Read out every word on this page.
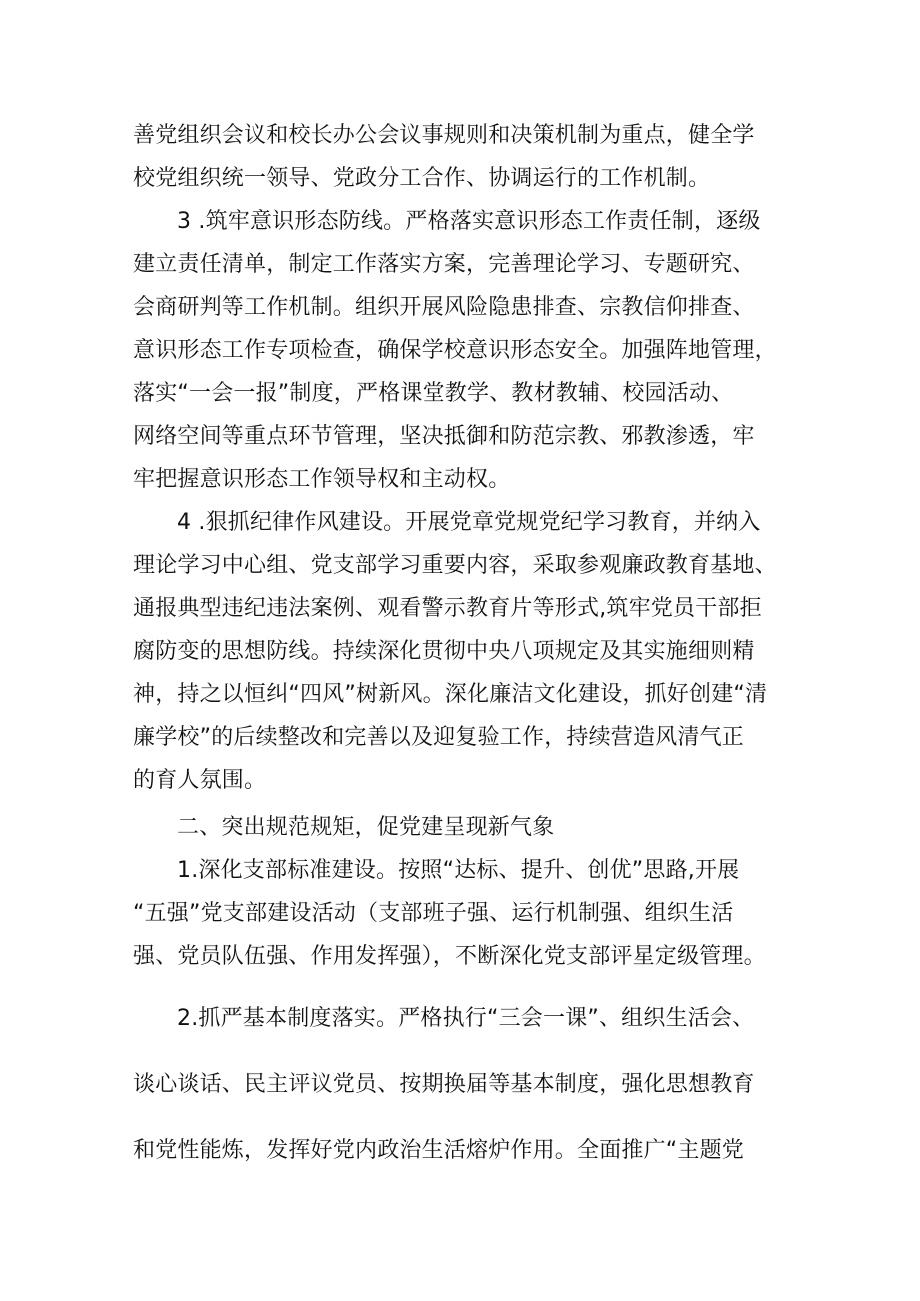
善党组织会议和校长办公会议事规则和决策机制为重点，健全学
校党组织统一领导、党政分工合作、协调运行的工作机制。
3 .筑牢意识形态防线。严格落实意识形态工作责任制，逐级
建立责任清单，制定工作落实方案，完善理论学习、专题研究、
会商研判等工作机制。组织开展风险隐患排查、宗教信仰排查、
意识形态工作专项检查，确保学校意识形态安全。加强阵地管理，
落实“一会一报”制度，严格课堂教学、教材教辅、校园活动、
网络空间等重点环节管理，坚决抵御和防范宗教、邪教渗透，牢
牢把握意识形态工作领导权和主动权。
4 .狠抓纪律作风建设。开展党章党规党纪学习教育，并纳入
理论学习中心组、党支部学习重要内容，采取参观廉政教育基地、
通报典型违纪违法案例、观看警示教育片等形式,筑牢党员干部拒
腐防变的思想防线。持续深化贯彻中央八项规定及其实施细则精
神，持之以恒纠“四风”树新风。深化廉洁文化建设，抓好创建“清
廉学校”的后续整改和完善以及迎复验工作，持续营造风清气正
的育人氛围。
二、突出规范规矩，促党建呈现新气象
1.深化支部标准建设。按照“达标、提升、创优”思路,开展
“五强”党支部建设活动（支部班子强、运行机制强、组织生活
强、党员队伍强、作用发挥强），不断深化党支部评星定级管理。
2.抓严基本制度落实。严格执行“三会一课”、组织生活会、
谈心谈话、民主评议党员、按期换届等基本制度，强化思想教育
和党性能炼，发挥好党内政治生活熔炉作用。全面推广“主题党
